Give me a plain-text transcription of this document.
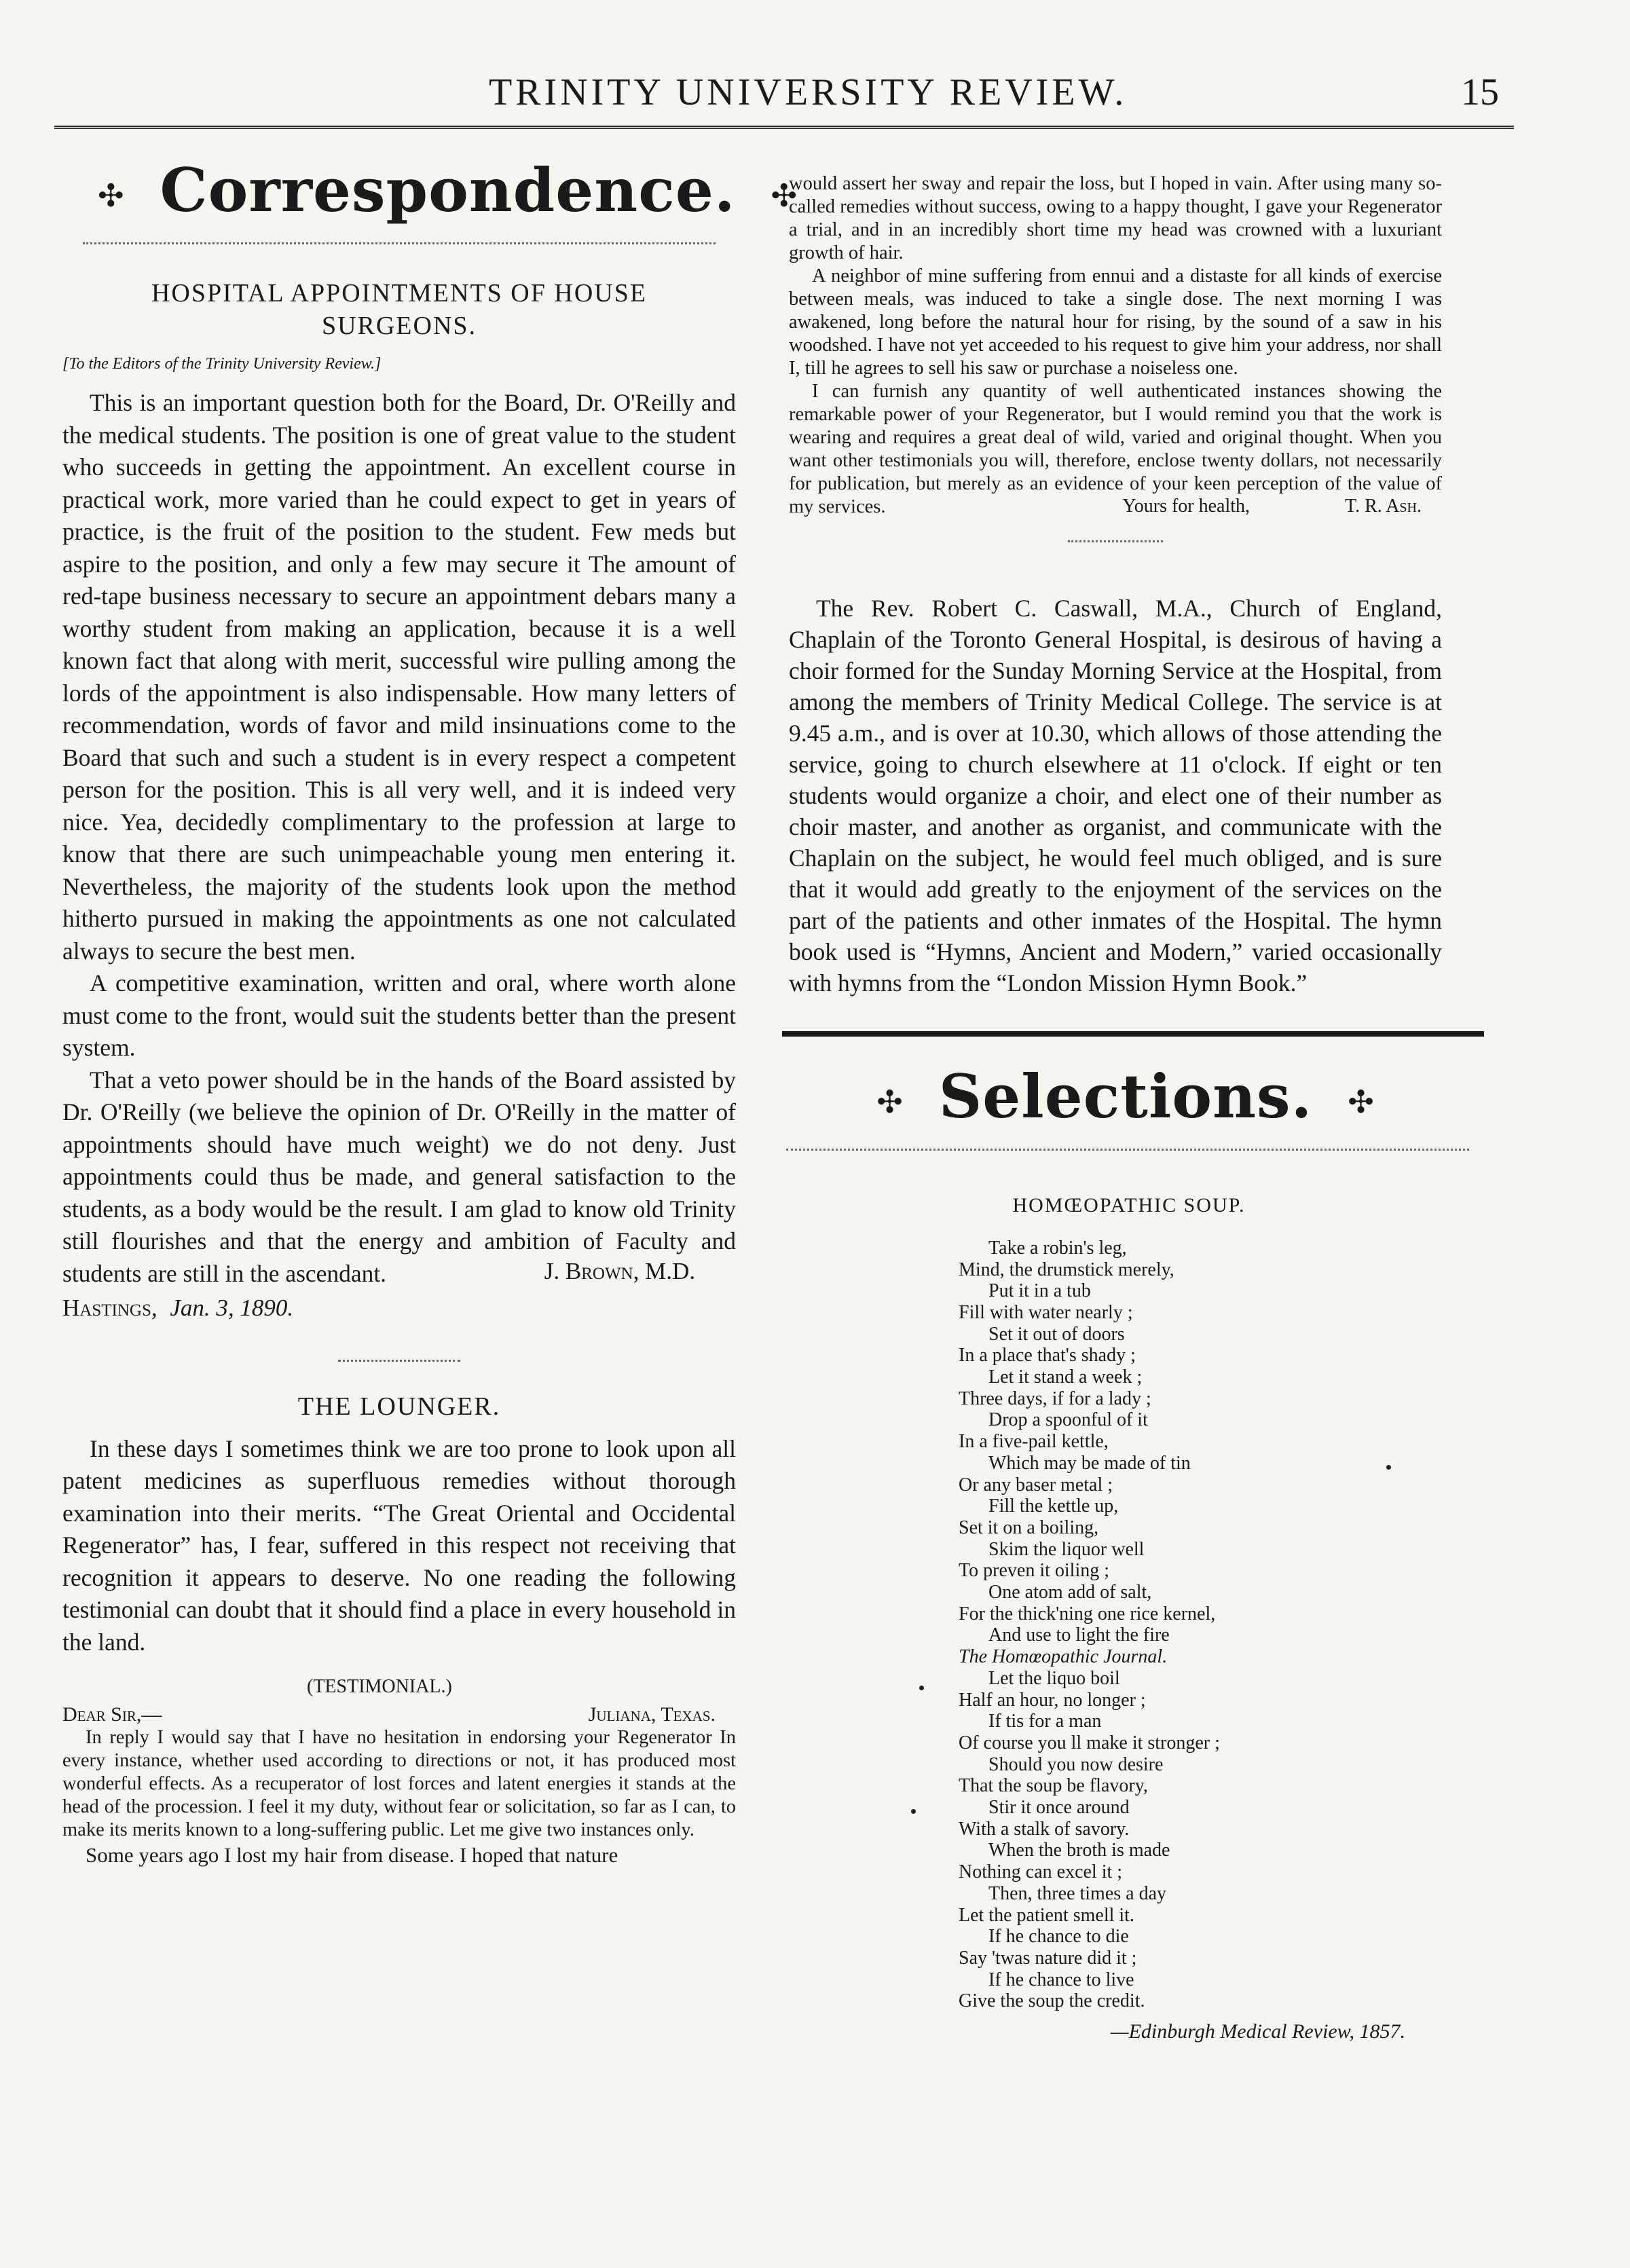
TRINITY UNIVERSITY REVIEW.	15
✣ Correspondence. ✣
HOSPITAL APPOINTMENTS OF HOUSE
SURGEONS.
[To the Editors of the Trinity University Review.]

This is an important question both for the Board, Dr. O'Reilly and the medical students. The position is one of great value to the student who succeeds in getting the appointment. An excellent course in practical work, more varied than he could expect to get in years of practice, is the fruit of the position to the student. Few meds but aspire to the position, and only a few may secure it The amount of red-tape business necessary to secure an appointment debars many a worthy student from making an application, because it is a well known fact that along with merit, successful wire pulling among the lords of the appointment is also indispensable. How many letters of recommendation, words of favor and mild insinuations come to the Board that such and such a student is in every respect a competent person for the position. This is all very well, and it is indeed very nice. Yea, decidedly complimentary to the profession at large to know that there are such unimpeachable young men entering it. Nevertheless, the majority of the students look upon the method hitherto pursued in making the appointments as one not calculated always to secure the best men.

A competitive examination, written and oral, where worth alone must come to the front, would suit the students better than the present system.

That a veto power should be in the hands of the Board assisted by Dr. O'Reilly (we believe the opinion of Dr. O'Reilly in the matter of appointments should have much weight) we do not deny. Just appointments could thus be made, and general satisfaction to the students, as a body would be the result. I am glad to know old Trinity still flourishes and that the energy and ambition of Faculty and students are still in the ascendant.	J. Brown, M.D.
Hastings, Jan. 3, 1890.
THE LOUNGER.

In these days I sometimes think we are too prone to look upon all patent medicines as superfluous remedies without thorough examination into their merits. “The Great Oriental and Occidental Regenerator” has, I fear, suffered in this respect not receiving that recognition it appears to deserve. No one reading the following testimonial can doubt that it should find a place in every household in the land.

(TESTIMONIAL.)
Dear Sir,—	Juliana, Texas.

In reply I would say that I have no hesitation in endorsing your Regenerator In every instance, whether used according to directions or not, it has produced most wonderful effects. As a recuperator of lost forces and latent energies it stands at the head of the procession. I feel it my duty, without fear or solicitation, so far as I can, to make its merits known to a long-suffering public. Let me give two instances only.

Some years ago I lost my hair from disease. I hoped that nature

would assert her sway and repair the loss, but I hoped in vain. After using many so-called remedies without success, owing to a happy thought, I gave your Regenerator a trial, and in an incredibly short time my head was crowned with a luxuriant growth of hair.

A neighbor of mine suffering from ennui and a distaste for all kinds of exercise between meals, was induced to take a single dose. The next morning I was awakened, long before the natural hour for rising, by the sound of a saw in his woodshed. I have not yet acceeded to his request to give him your address, nor shall I, till he agrees to sell his saw or purchase a noiseless one.

I can furnish any quantity of well authenticated instances showing the remarkable power of your Regenerator, but I would remind you that the work is wearing and requires a great deal of wild, varied and original thought. When you want other testimonials you will, therefore, enclose twenty dollars, not necessarily for publication, but merely as an evidence of your keen perception of the value of my services.	Yours for health,	T. R. Ash.

The Rev. Robert C. Caswall, M.A., Church of England, Chaplain of the Toronto General Hospital, is desirous of having a choir formed for the Sunday Morning Service at the Hospital, from among the members of Trinity Medical College. The service is at 9.45 a.m., and is over at 10.30, which allows of those attending the service, going to church elsewhere at 11 o'clock. If eight or ten students would organize a choir, and elect one of their number as choir master, and another as organist, and communicate with the Chaplain on the subject, he would feel much obliged, and is sure that it would add greatly to the enjoyment of the services on the part of the patients and other inmates of the Hospital. The hymn book used is “Hymns, Ancient and Modern,” varied occasionally with hymns from the “London Mission Hymn Book.”

✣ Selections. ✣
HOMŒOPATHIC SOUP.
Take a robin's leg,
Mind, the drumstick merely,
Put it in a tub
Fill with water nearly ;
Set it out of doors
In a place that's shady ;
Let it stand a week ;
Three days, if for a lady ;
Drop a spoonful of it
In a five-pail kettle,
Which may be made of tin
Or any baser metal ;
Fill the kettle up,
Set it on a boiling,
Skim the liquor well
To preven it oiling ;
One atom add of salt,
For the thick'ning one rice kernel,
And use to light the fire
The Homœopathic Journal.
Let the liquo boil
Half an hour, no longer ;
If tis for a man
Of course you ll make it stronger ;
Should you now desire
That the soup be flavory,
Stir it once around
With a stalk of savory.
When the broth is made
Nothing can excel it ;
Then, three times a day
Let the patient smell it.
If he chance to die
Say 'twas nature did it ;
If he chance to live
Give the soup the credit.
—Edinburgh Medical Review, 1857.
